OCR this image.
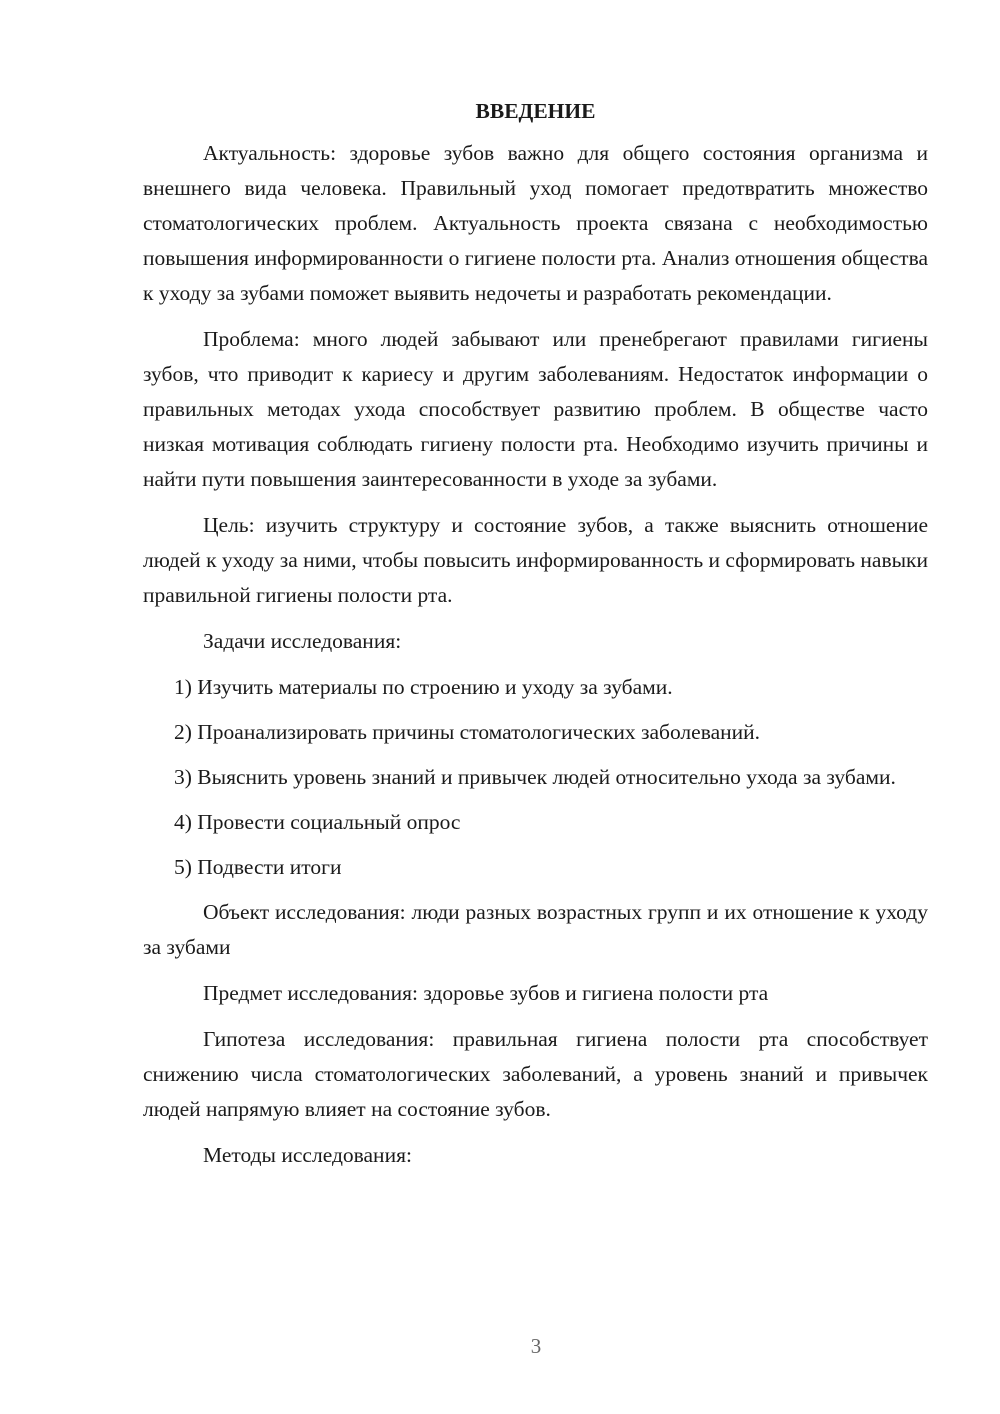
ВВЕДЕНИЕ

Актуальность: здоровье зубов важно для общего состояния организма и внешнего вида человека. Правильный уход помогает предотвратить множество стоматологических проблем. Актуальность проекта связана с необходимостью повышения информированности о гигиене полости рта. Анализ отношения общества к уходу за зубами поможет выявить недочеты и разработать рекомендации.

Проблема: много людей забывают или пренебрегают правилами гигиены зубов, что приводит к кариесу и другим заболеваниям. Недостаток информации о правильных методах ухода способствует развитию проблем. В обществе часто низкая мотивация соблюдать гигиену полости рта. Необходимо изучить причины и найти пути повышения заинтересованности в уходе за зубами.

Цель: изучить структуру и состояние зубов, а также выяснить отношение людей к уходу за ними, чтобы повысить информированность и сформировать навыки правильной гигиены полости рта.

Задачи исследования:

1) Изучить материалы по строению и уходу за зубами.

2) Проанализировать причины стоматологических заболеваний.

3) Выяснить уровень знаний и привычек людей относительно ухода за зубами.

4) Провести социальный опрос

5) Подвести итоги

Объект исследования: люди разных возрастных групп и их отношение к уходу за зубами

Предмет исследования: здоровье зубов и гигиена полости рта

Гипотеза исследования: правильная гигиена полости рта способствует снижению числа стоматологических заболеваний, а уровень знаний и привычек людей напрямую влияет на состояние зубов.

Методы исследования:

3
